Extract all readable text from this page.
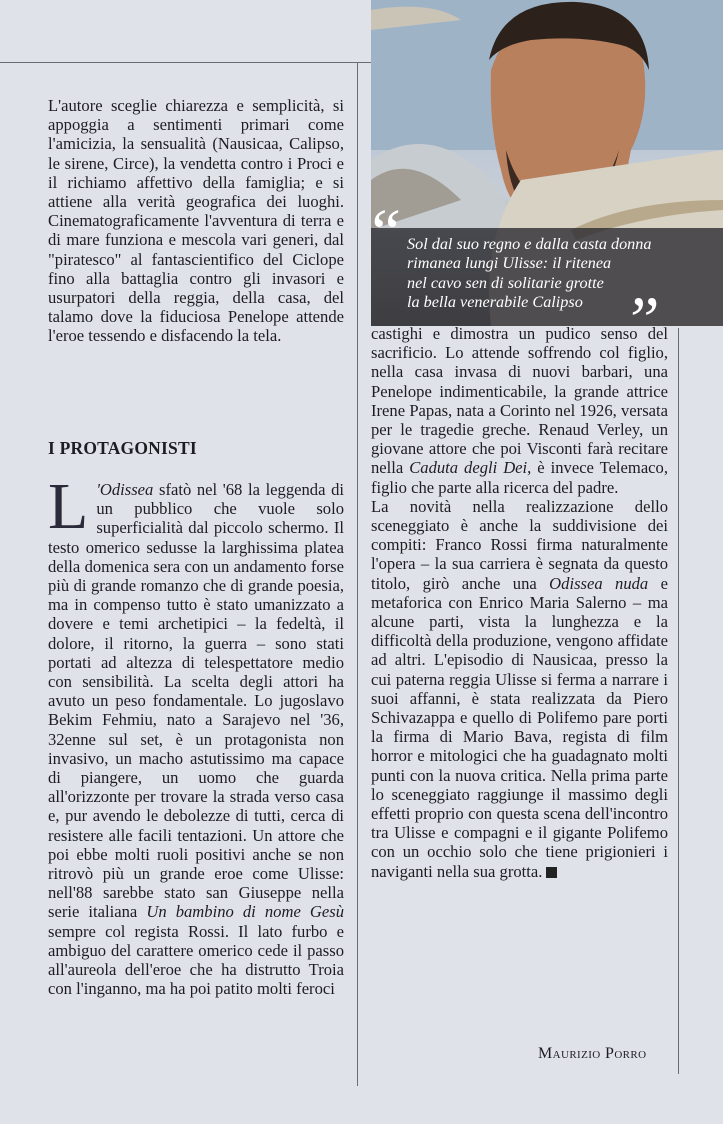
“ Sol dal suo regno e dalla casta donna
rimanea lungi Ulisse: il ritenea
nel cavo sen di solitarie grotte
la bella venerabile Calipso ”

L'autore sceglie chiarezza e semplicità, si appoggia a sentimenti primari come l'amicizia, la sensualità (Nausicaa, Calipso, le sirene, Circe), la vendetta contro i Proci e il richiamo affettivo della famiglia; e si attiene alla verità geografica dei luoghi. Cinematograficamente l'avventura di terra e di mare funziona e mescola vari generi, dal "piratesco" al fantascientifico del Ciclope fino alla battaglia contro gli invasori e usurpatori della reggia, della casa, del talamo dove la fiduciosa Penelope attende l'eroe tessendo e disfacendo la tela.

I PROTAGONISTI

L 'Odissea sfatò nel '68 la leggenda di un pubblico che vuole solo superficialità dal piccolo schermo. Il testo omerico sedusse la larghissima platea della domenica sera con un andamento forse più di grande romanzo che di grande poesia, ma in compenso tutto è stato umanizzato a dovere e temi archetipici – la fedeltà, il dolore, il ritorno, la guerra – sono stati portati ad altezza di telespettatore medio con sensibilità. La scelta degli attori ha avuto un peso fondamentale. Lo jugoslavo Bekim Fehmiu, nato a Sarajevo nel '36, 32enne sul set, è un protagonista non invasivo, un macho astutissimo ma capace di piangere, un uomo che guarda all'orizzonte per trovare la strada verso casa e, pur avendo le debolezze di tutti, cerca di resistere alle facili tentazioni. Un attore che poi ebbe molti ruoli positivi anche se non ritrovò più un grande eroe come Ulisse: nell'88 sarebbe stato san Giuseppe nella serie italiana Un bambino di nome Gesù sempre col regista Rossi. Il lato furbo e ambiguo del carattere omerico cede il passo all'aureola dell'eroe che ha distrutto Troia con l'inganno, ma ha poi patito molti feroci

castighi e dimostra un pudico senso del sacrificio. Lo attende soffrendo col figlio, nella casa invasa di nuovi barbari, una Penelope indimenticabile, la grande attrice Irene Papas, nata a Corinto nel 1926, versata per le tragedie greche. Renaud Verley, un giovane attore che poi Visconti farà recitare nella Caduta degli Dei, è invece Telemaco, figlio che parte alla ricerca del padre.

La novità nella realizzazione dello sceneggiato è anche la suddivisione dei compiti: Franco Rossi firma naturalmente l'opera – la sua carriera è segnata da questo titolo, girò anche una Odissea nuda e metaforica con Enrico Maria Salerno – ma alcune parti, vista la lunghezza e la difficoltà della produzione, vengono affidate ad altri. L'episodio di Nausicaa, presso la cui paterna reggia Ulisse si ferma a narrare i suoi affanni, è stata realizzata da Piero Schivazappa e quello di Polifemo pare porti la firma di Mario Bava, regista di film horror e mitologici che ha guadagnato molti punti con la nuova critica. Nella prima parte lo sceneggiato raggiunge il massimo degli effetti proprio con questa scena dell'incontro tra Ulisse e compagni e il gigante Polifemo con un occhio solo che tiene prigionieri i naviganti nella sua grotta.

Maurizio Porro
